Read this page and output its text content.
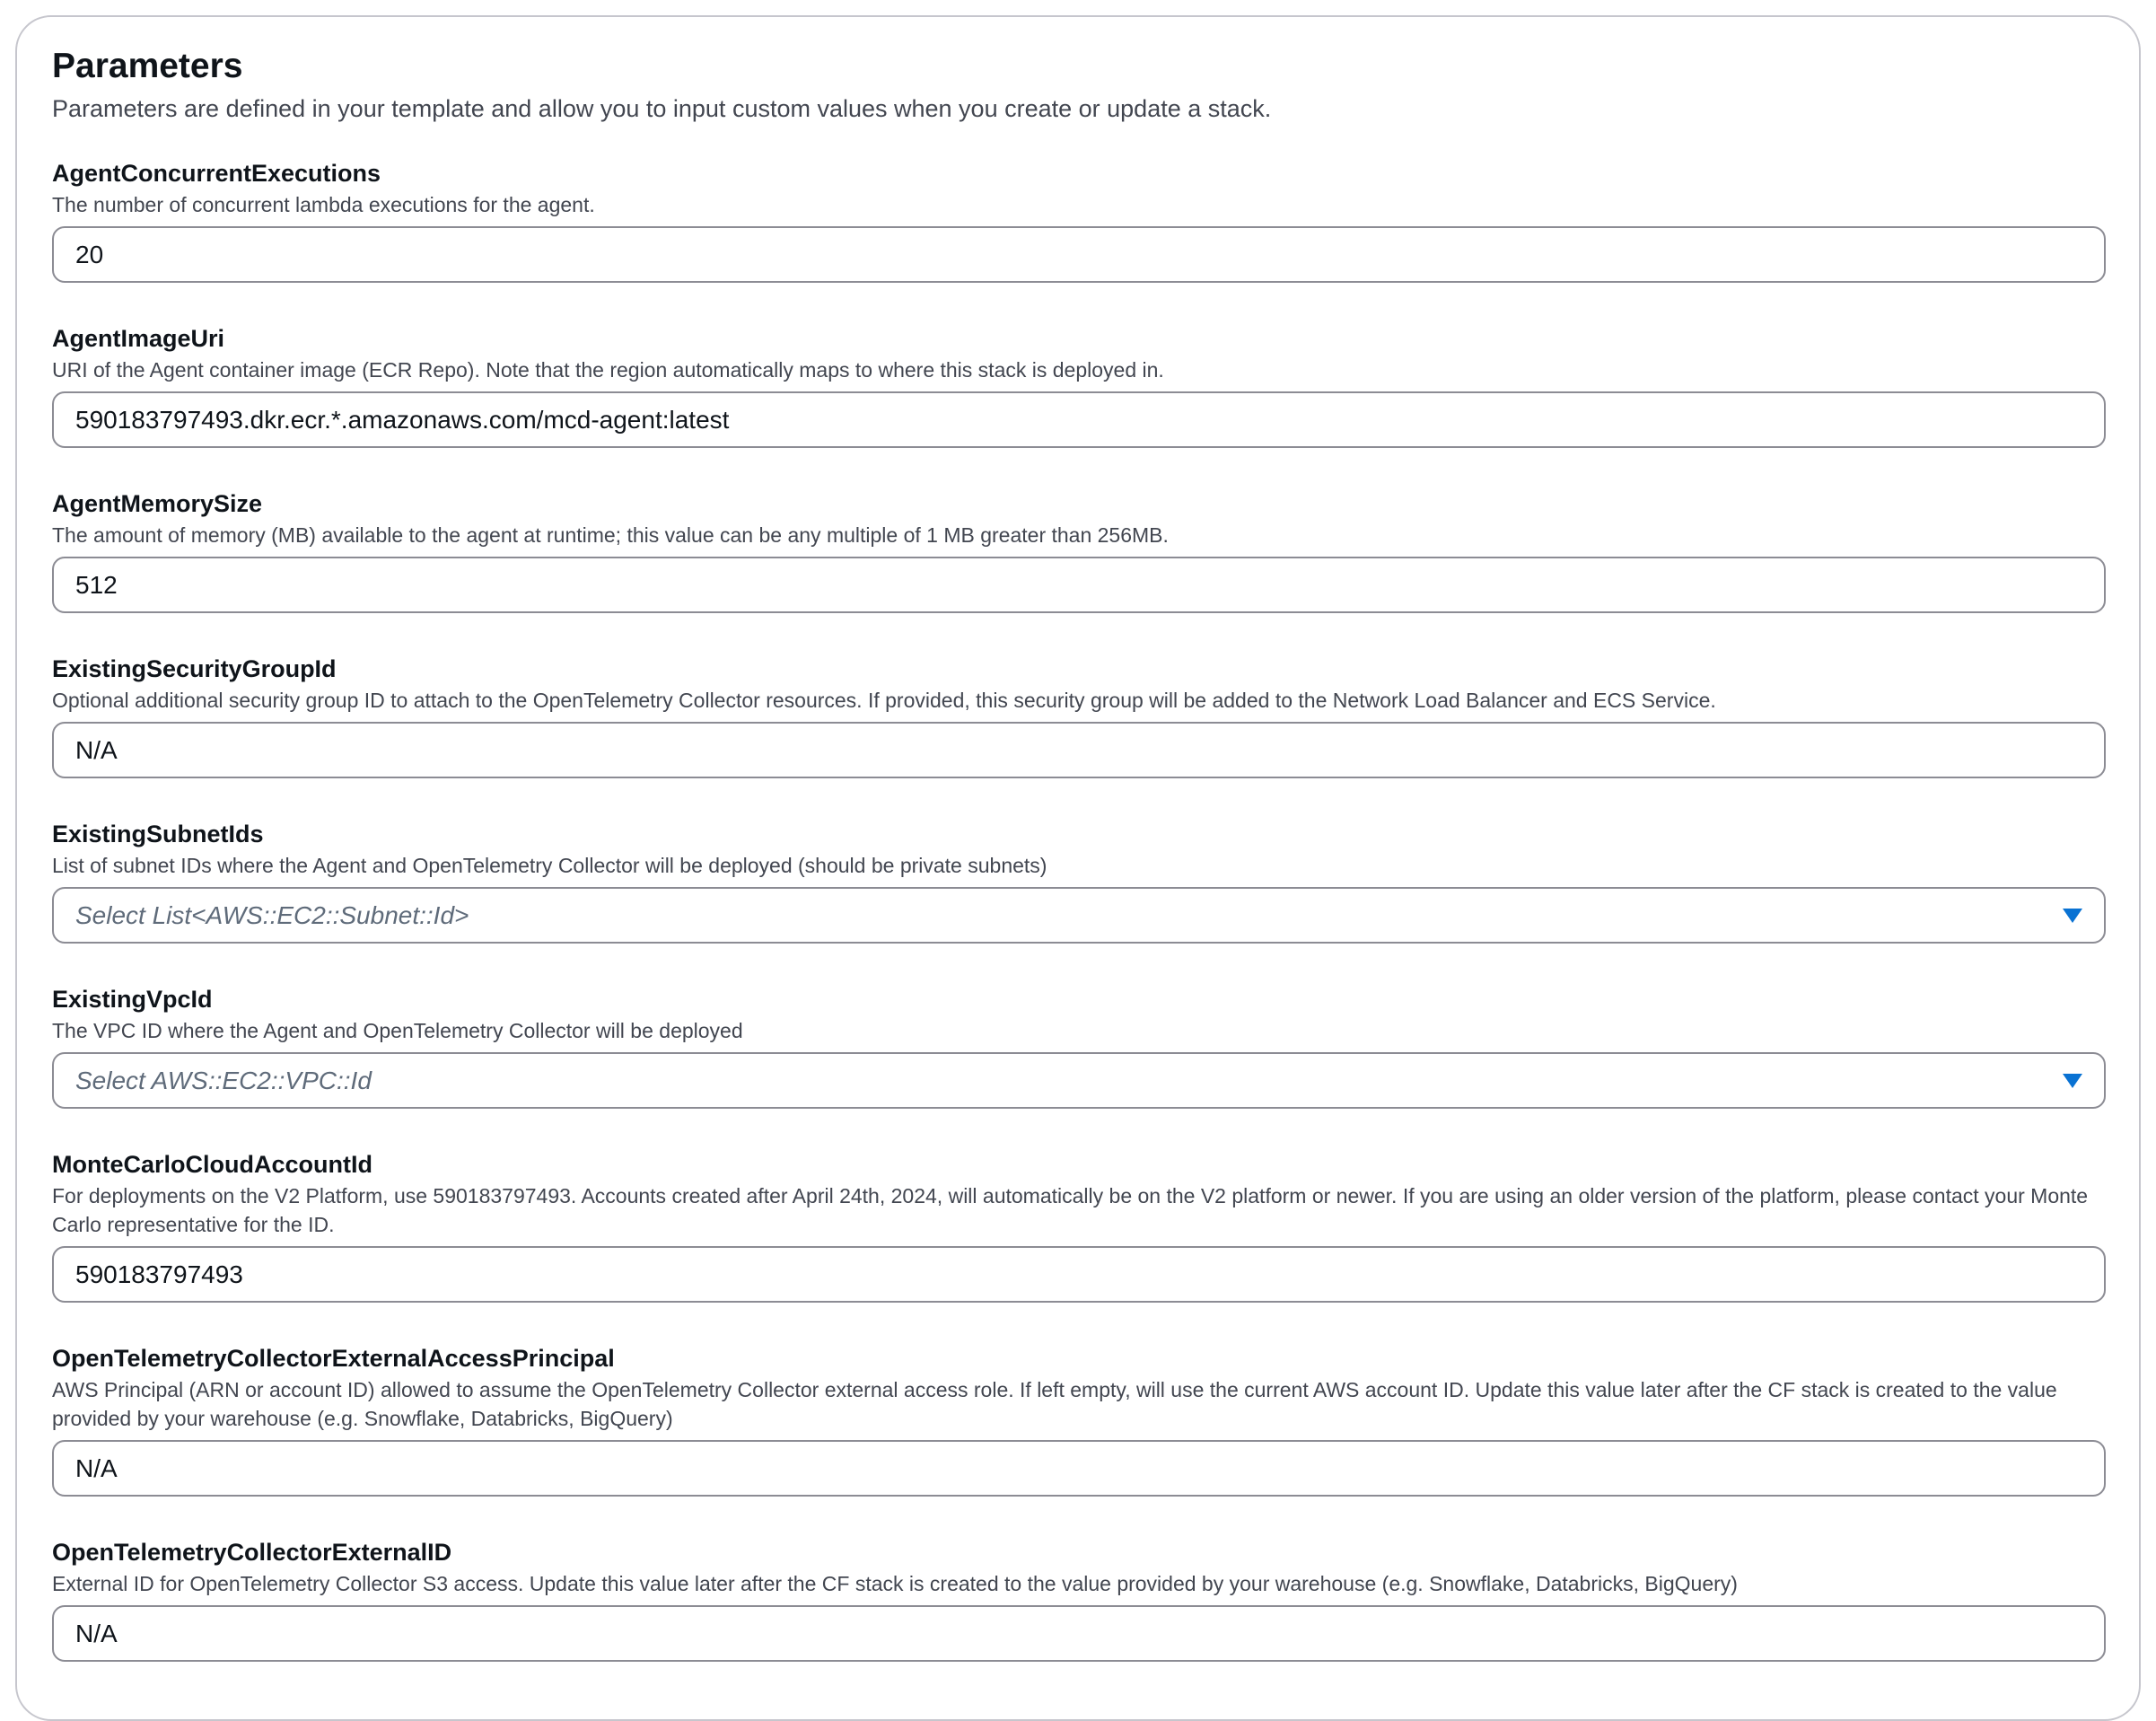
Parameters

Parameters are defined in your template and allow you to input custom values when you create or update a stack.

AgentConcurrentExecutions

The number of concurrent lambda executions for the agent.

20

AgentImageUri

URI of the Agent container image (ECR Repo). Note that the region automatically maps to where this stack is deployed in.

590183797493.dkr.ecr.*.amazonaws.com/mcd-agent:latest

AgentMemorySize

The amount of memory (MB) available to the agent at runtime; this value can be any multiple of 1 MB greater than 256MB.

512

ExistingSecurityGroupId

Optional additional security group ID to attach to the OpenTelemetry Collector resources. If provided, this security group will be added to the Network Load Balancer and ECS Service.

N/A

ExistingSubnetIds

List of subnet IDs where the Agent and OpenTelemetry Collector will be deployed (should be private subnets)

Select List<AWS::EC2::Subnet::Id>

ExistingVpcId

The VPC ID where the Agent and OpenTelemetry Collector will be deployed

Select AWS::EC2::VPC::Id

MonteCarloCloudAccountId

For deployments on the V2 Platform, use 590183797493. Accounts created after April 24th, 2024, will automatically be on the V2 platform or newer. If you are using an older version of the platform, please contact your Monte Carlo representative for the ID.

590183797493

OpenTelemetryCollectorExternalAccessPrincipal

AWS Principal (ARN or account ID) allowed to assume the OpenTelemetry Collector external access role. If left empty, will use the current AWS account ID. Update this value later after the CF stack is created to the value provided by your warehouse (e.g. Snowflake, Databricks, BigQuery)

N/A

OpenTelemetryCollectorExternalID

External ID for OpenTelemetry Collector S3 access. Update this value later after the CF stack is created to the value provided by your warehouse (e.g. Snowflake, Databricks, BigQuery)

N/A
